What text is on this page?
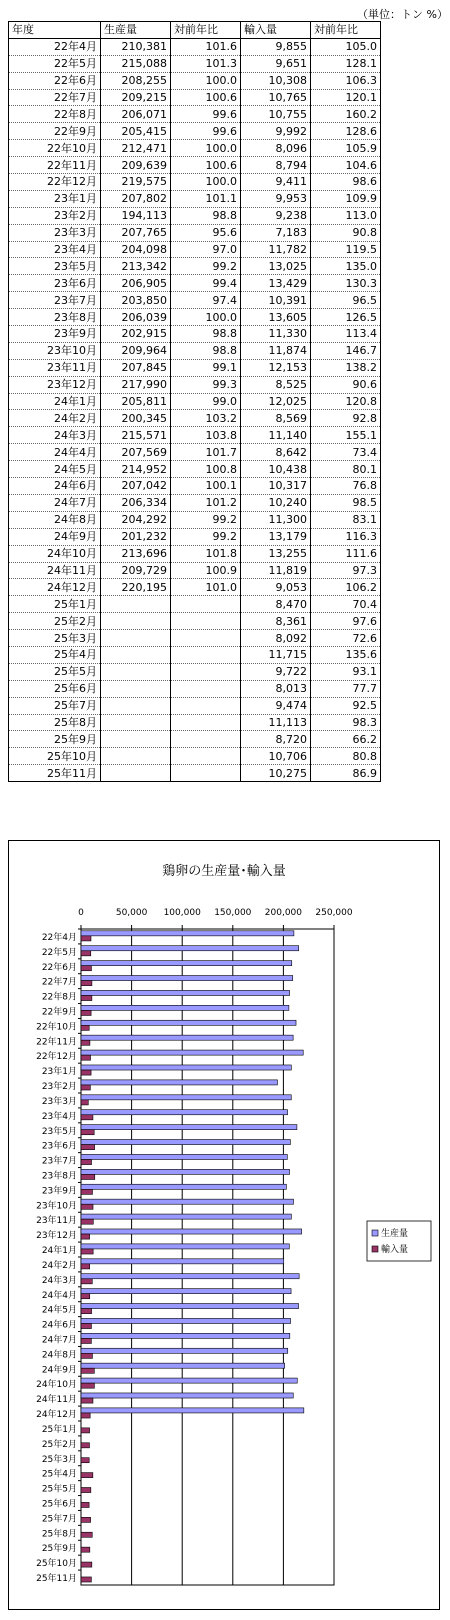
（単位：トン %）
年度	生産量	対前年比	輸入量	対前年比
22年4月	210,381	101.6	9,855	105.0
22年5月	215,088	101.3	9,651	128.1
22年6月	208,255	100.0	10,308	106.3
22年7月	209,215	100.6	10,765	120.1
22年8月	206,071	99.6	10,755	160.2
22年9月	205,415	99.6	9,992	128.6
22年10月	212,471	100.0	8,096	105.9
22年11月	209,639	100.6	8,794	104.6
22年12月	219,575	100.0	9,411	98.6
23年1月	207,802	101.1	9,953	109.9
23年2月	194,113	98.8	9,238	113.0
23年3月	207,765	95.6	7,183	90.8
23年4月	204,098	97.0	11,782	119.5
23年5月	213,342	99.2	13,025	135.0
23年6月	206,905	99.4	13,429	130.3
23年7月	203,850	97.4	10,391	96.5
23年8月	206,039	100.0	13,605	126.5
23年9月	202,915	98.8	11,330	113.4
23年10月	209,964	98.8	11,874	146.7
23年11月	207,845	99.1	12,153	138.2
23年12月	217,990	99.3	8,525	90.6
24年1月	205,811	99.0	12,025	120.8
24年2月	200,345	103.2	8,569	92.8
24年3月	215,571	103.8	11,140	155.1
24年4月	207,569	101.7	8,642	73.4
24年5月	214,952	100.8	10,438	80.1
24年6月	207,042	100.1	10,317	76.8
24年7月	206,334	101.2	10,240	98.5
24年8月	204,292	99.2	11,300	83.1
24年9月	201,232	99.2	13,179	116.3
24年10月	213,696	101.8	13,255	111.6
24年11月	209,729	100.9	11,819	97.3
24年12月	220,195	101.0	9,053	106.2
25年1月			8,470	70.4
25年2月			8,361	97.6
25年3月			8,092	72.6
25年4月			11,715	135.6
25年5月			9,722	93.1
25年6月			8,013	77.7
25年7月			9,474	92.5
25年8月			11,113	98.3
25年9月			8,720	66.2
25年10月			10,706	80.8
25年11月			10,275	86.9
鶏卵の生産量･輸入量
0	50,000 100,000 150,000 200,000 250,000
22年4月
22年5月
22年6月
22年7月
22年8月
22年9月
22年10月
22年11月
22年12月
23年1月
23年2月
23年3月
23年4月
23年5月
23年6月
23年7月
23年8月
23年9月
23年10月
23年11月
23年12月
24年1月
24年2月
24年3月
24年4月
24年5月
24年6月
24年7月
24年8月
24年9月
24年10月
24年11月
24年12月
25年1月
25年2月
25年3月
25年4月
25年5月
25年6月
25年7月
25年8月
25年9月
25年10月
25年11月
生産量
輸入量
